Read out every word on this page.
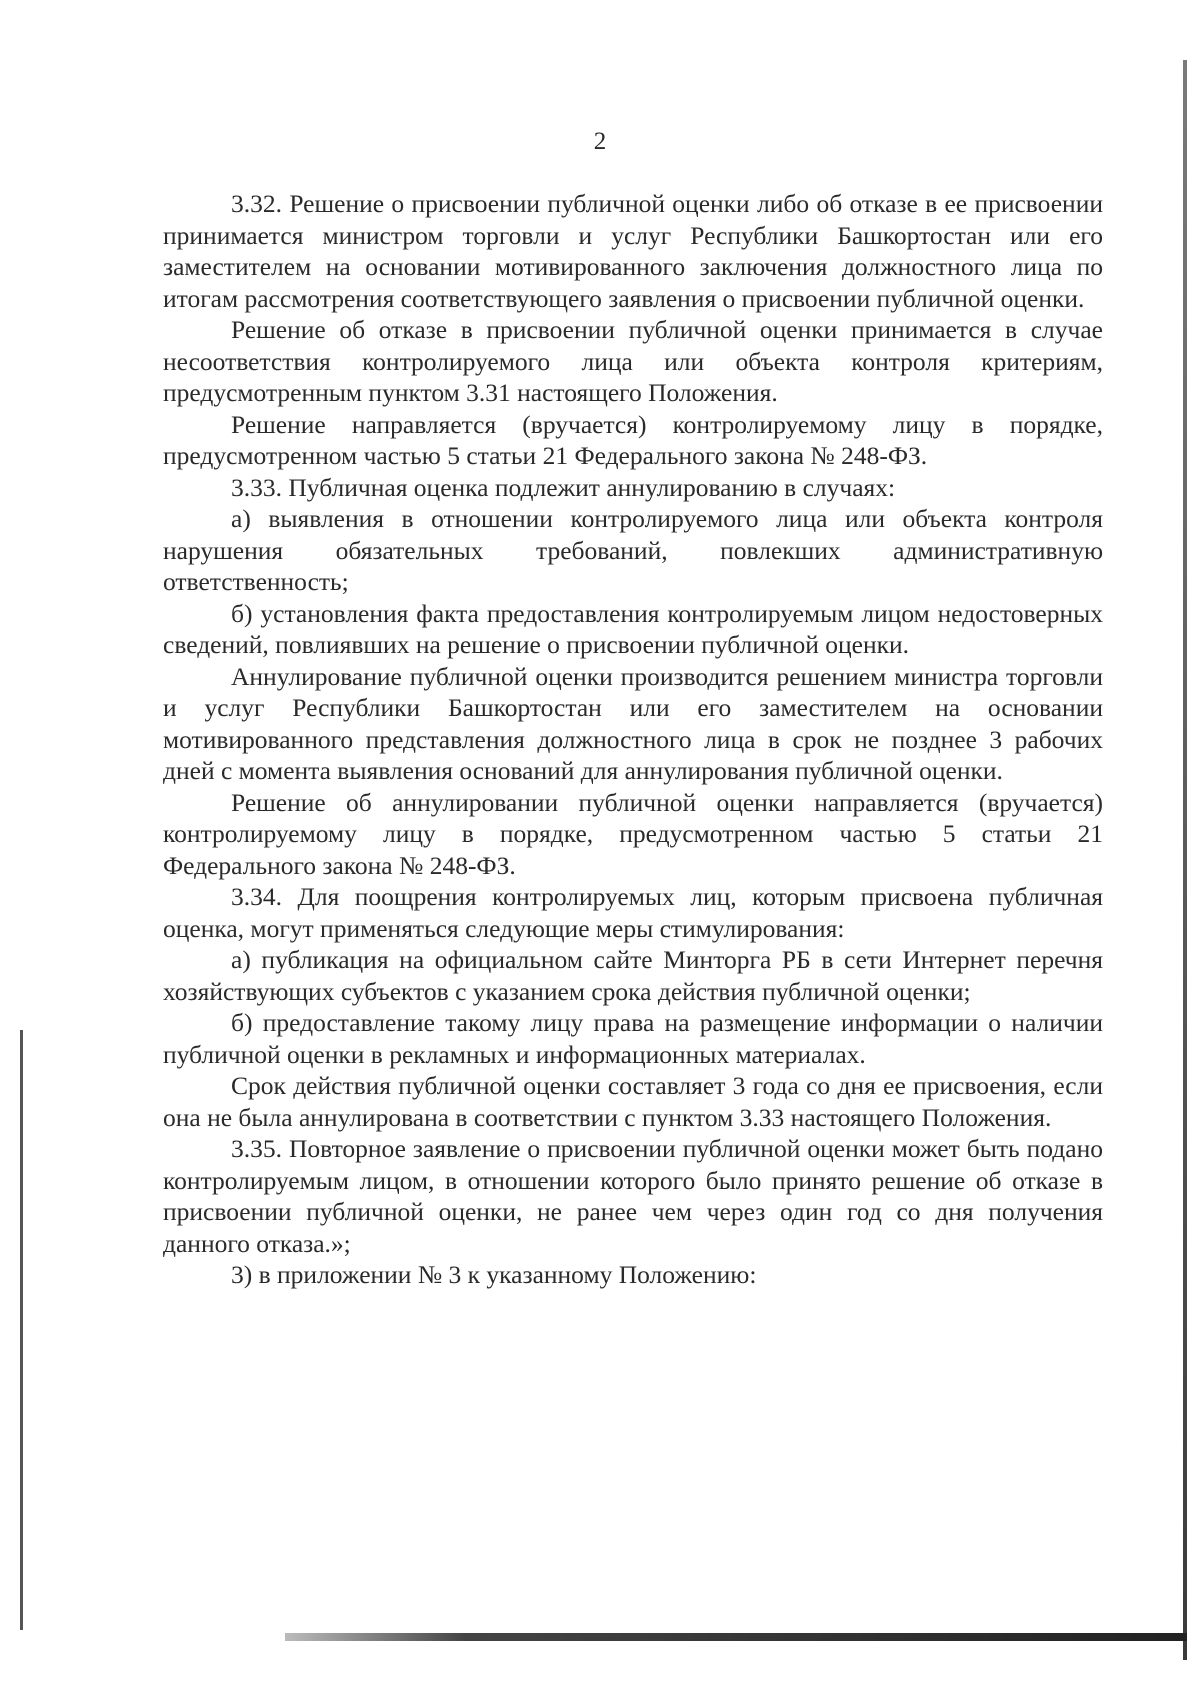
2

3.32. Решение о присвоении публичной оценки либо об отказе в ее присвоении принимается министром торговли и услуг Республики Башкортостан или его заместителем на основании мотивированного заключения должностного лица по итогам рассмотрения соответствующего заявления о присвоении публичной оценки.

Решение об отказе в присвоении публичной оценки принимается в случае несоответствия контролируемого лица или объекта контроля критериям, предусмотренным пунктом 3.31 настоящего Положения.

Решение направляется (вручается) контролируемому лицу в порядке, предусмотренном частью 5 статьи 21 Федерального закона № 248-ФЗ.

3.33. Публичная оценка подлежит аннулированию в случаях:

а) выявления в отношении контролируемого лица или объекта контроля нарушения обязательных требований, повлекших административную ответственность;

б) установления факта предоставления контролируемым лицом недостоверных сведений, повлиявших на решение о присвоении публичной оценки.

Аннулирование публичной оценки производится решением министра торговли и услуг Республики Башкортостан или его заместителем на основании мотивированного представления должностного лица в срок не позднее 3 рабочих дней с момента выявления оснований для аннулирования публичной оценки.

Решение об аннулировании публичной оценки направляется (вручается) контролируемому лицу в порядке, предусмотренном частью 5 статьи 21 Федерального закона № 248-ФЗ.

3.34. Для поощрения контролируемых лиц, которым присвоена публичная оценка, могут применяться следующие меры стимулирования:

а) публикация на официальном сайте Минторга РБ в сети Интернет перечня хозяйствующих субъектов с указанием срока действия публичной оценки;

б) предоставление такому лицу права на размещение информации о наличии публичной оценки в рекламных и информационных материалах.

Срок действия публичной оценки составляет 3 года со дня ее присвоения, если она не была аннулирована в соответствии с пунктом 3.33 настоящего Положения.

3.35. Повторное заявление о присвоении публичной оценки может быть подано контролируемым лицом, в отношении которого было принято решение об отказе в присвоении публичной оценки, не ранее чем через один год со дня получения данного отказа.»;

3) в приложении № 3 к указанному Положению:
